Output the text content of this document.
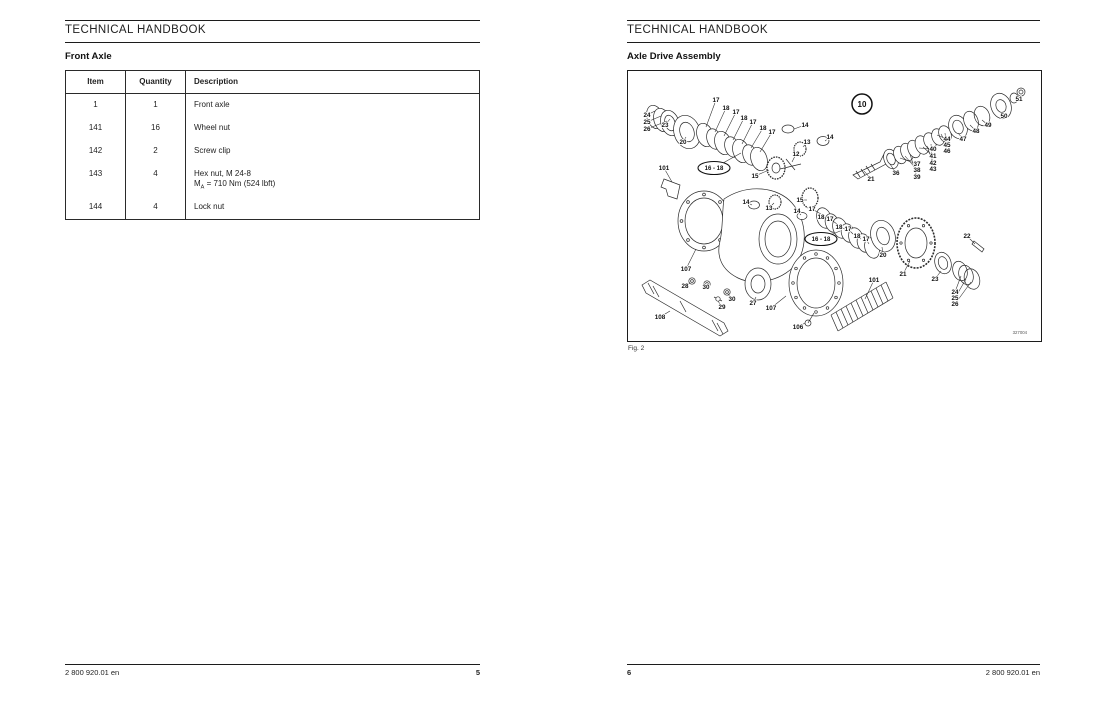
TECHNICAL HANDBOOK
Front Axle
Item	Quantity	Description
1	1	Front axle

141	16	Wheel nut

142	2	Screw clip

143	4	Hex nut, M 24-8
$M_A = 710$ Nm (524 lbft)

144	4	Lock nut
2 800 920.01 en	5
TECHNICAL HANDBOOK
Axle Drive Assembly
24
25
26
23
20
17
18
17
18
17
18
17
14
13
14
12
15
101
14
13
15
14
21
36
37
38
39
40
41
42
43
44
45
46
47
48
49
50
51
17
18 17
18 17
18 17
107
28 30
29
30
27
107
108
106
20
21
23
22
24
25
26
101
16 - 18
16 - 18
10
327004
Fig. 2
6	2 800 920.01 en
